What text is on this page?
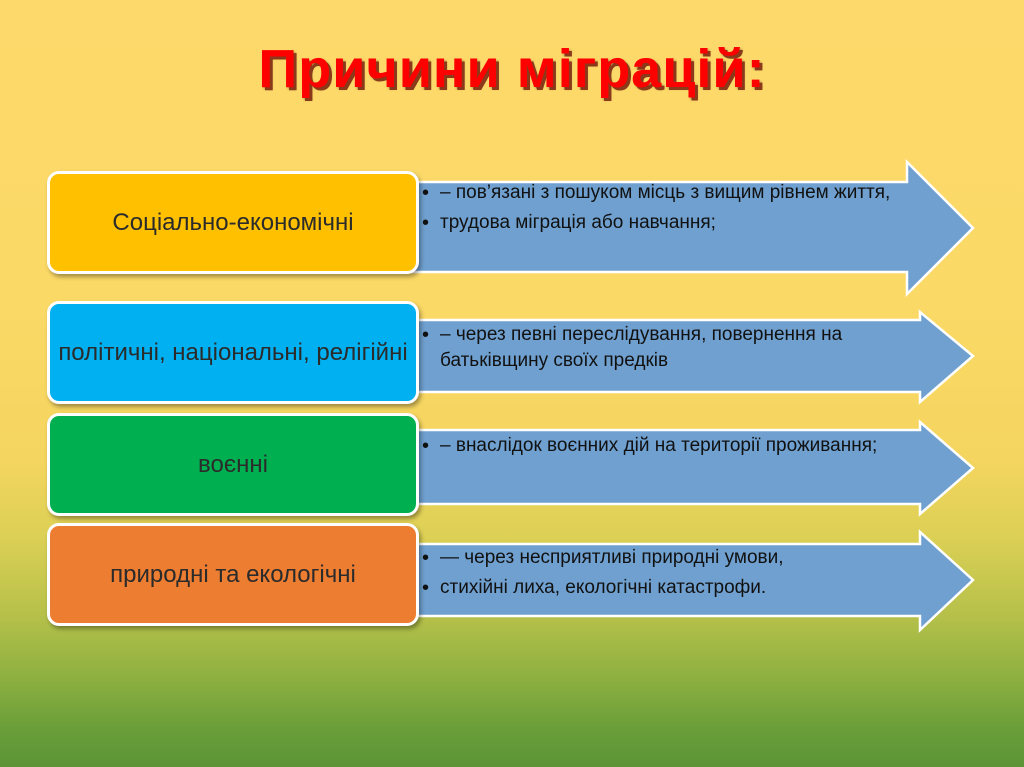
Причини міграцій:
• – пов’язані з пошуком місць з вищим рівнем життя,
• трудова міграція або навчання;
Соціально-економічні
• – через певні переслідування, повернення на батьківщину своїх предків
політичні, національні, релігійні
• – внаслідок воєнних дій на території проживання;
воєнні
• — через несприятливі природні умови,
• стихійні лиха, екологічні катастрофи.
природні та екологічні
